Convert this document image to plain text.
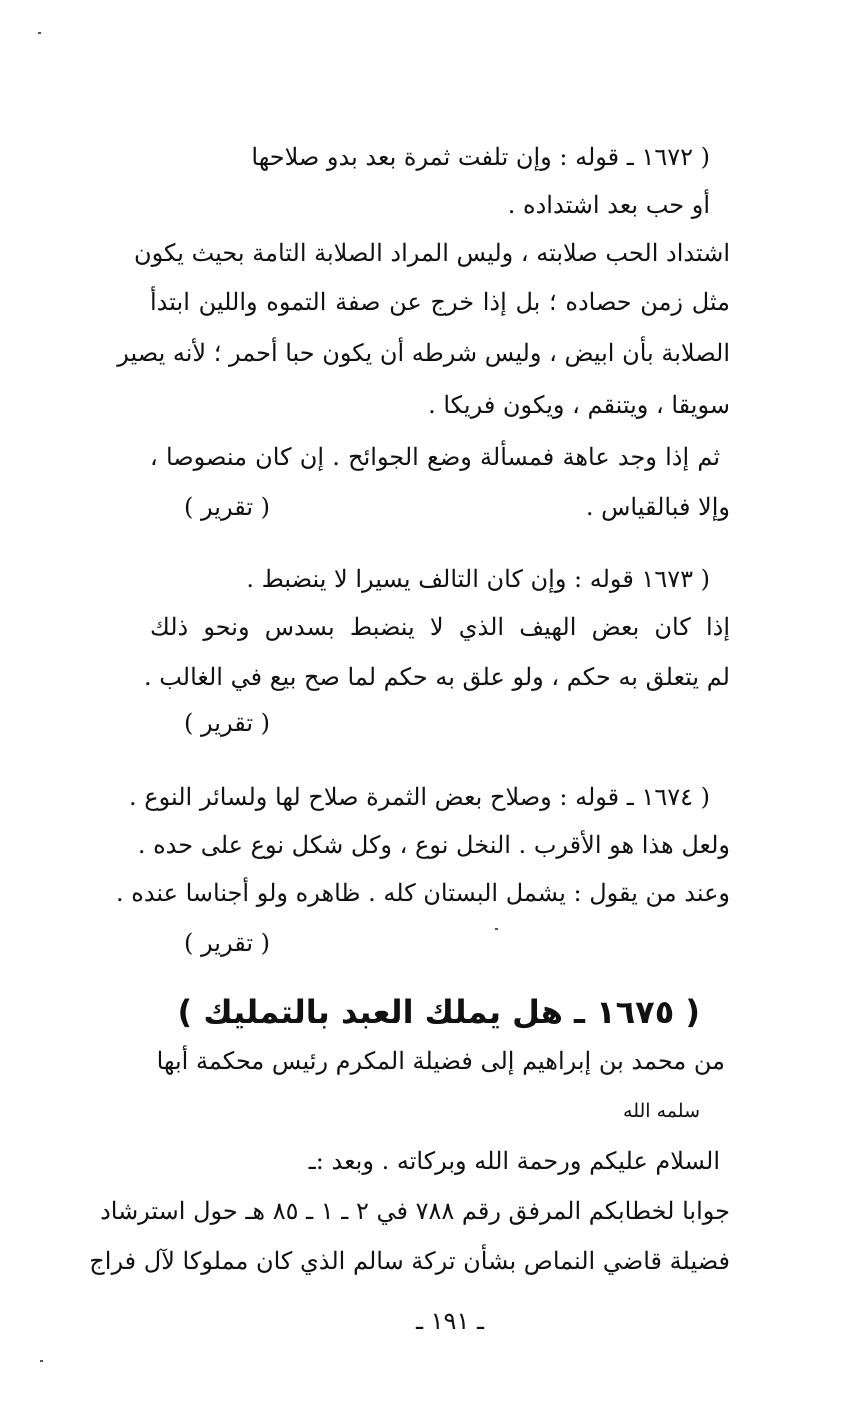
( ١٦٧٢ ـ قوله : وإن تلفت ثمرة بعد بدو صلاحها
أو حب بعد اشتداده .
اشتداد الحب صلابته ، وليس المراد الصلابة التامة بحيث يكون
مثل زمن حصاده ؛ بل إذا خرج عن صفة التموه واللين ابتدأ
الصلابة بأن ابيض ، وليس شرطه أن يكون حبا أحمر ؛ لأنه يصير
سويقا ، ويتنقم ، ويكون فريكا .
ثم إذا وجد عاهة فمسألة وضع الجوائح . إن كان منصوصا ،
وإلا فبالقياس .
( تقرير )
( ١٦٧٣ قوله : وإن كان التالف يسيرا لا ينضبط .
إذا كان بعض الهيف الذي لا ينضبط بسدس ونحو ذلك
لم يتعلق به حكم ، ولو علق به حكم لما صح بيع في الغالب .
( تقرير )
( ١٦٧٤ ـ قوله : وصلاح بعض الثمرة صلاح لها ولسائر النوع .
ولعل هذا هو الأقرب . النخل نوع ، وكل شكل نوع على حده .
وعند من يقول : يشمل البستان كله . ظاهره ولو أجناسا عنده .
( تقرير )
( ١٦٧٥ ـ هل يملك العبد بالتمليك )
من محمد بن إبراهيم إلى فضيلة المكرم رئيس محكمة أبها
سلمه الله
السلام عليكم ورحمة الله وبركاته . وبعد :ـ
جوابا لخطابكم المرفق رقم ٧٨٨ في ٢ ـ ١ ـ ٨٥ هـ حول استرشاد
فضيلة قاضي النماص بشأن تركة سالم الذي كان مملوكا لآل فراج
ـ ١٩١ ـ
